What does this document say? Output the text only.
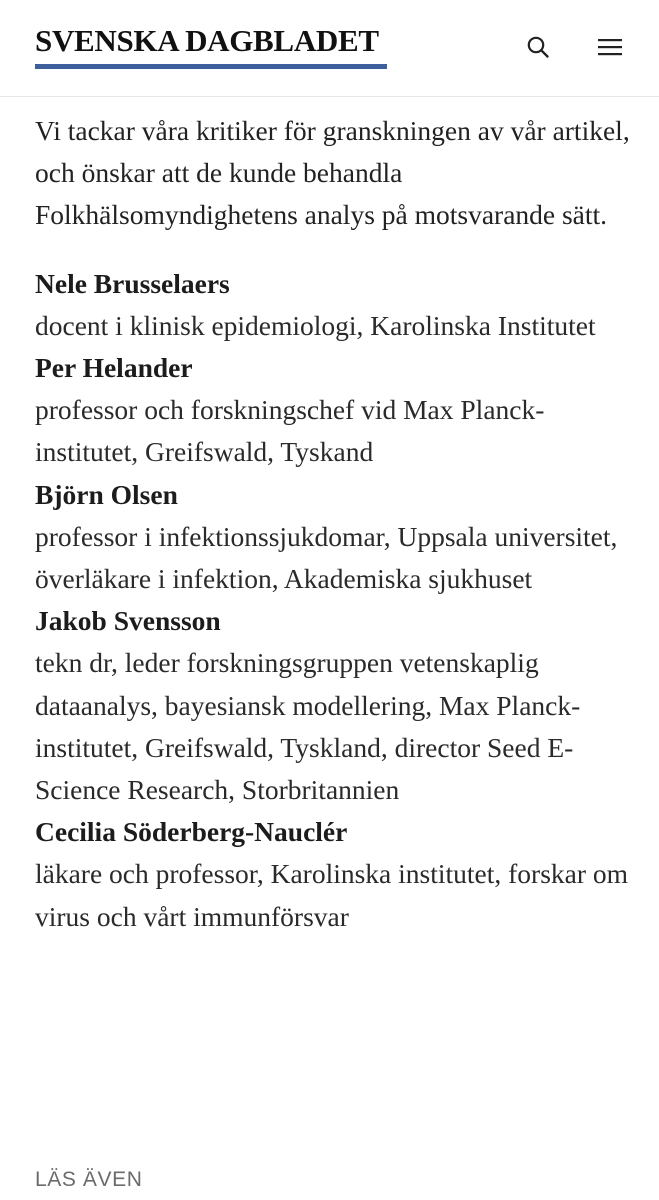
SVENSKA DAGBLADET

Vi tackar våra kritiker för granskningen av vår artikel, och önskar att de kunde behandla Folkhälsomyndighetens analys på motsvarande sätt.

Nele Brusselaers
docent i klinisk epidemiologi, Karolinska Institutet
Per Helander
professor och forskningschef vid Max Planck-institutet, Greifswald, Tyskand
Björn Olsen
professor i infektionssjukdomar, Uppsala universitet, överläkare i infektion, Akademiska sjukhuset
Jakob Svensson
tekn dr, leder forskningsgruppen vetenskaplig dataanalys, bayesiansk modellering, Max Planck-institutet, Greifswald, Tyskland, director Seed E-Science Research, Storbritannien
Cecilia Söderberg-Nauclér
läkare och professor, Karolinska institutet, forskar om virus och vårt immunförsvar
LÄS ÄVEN
